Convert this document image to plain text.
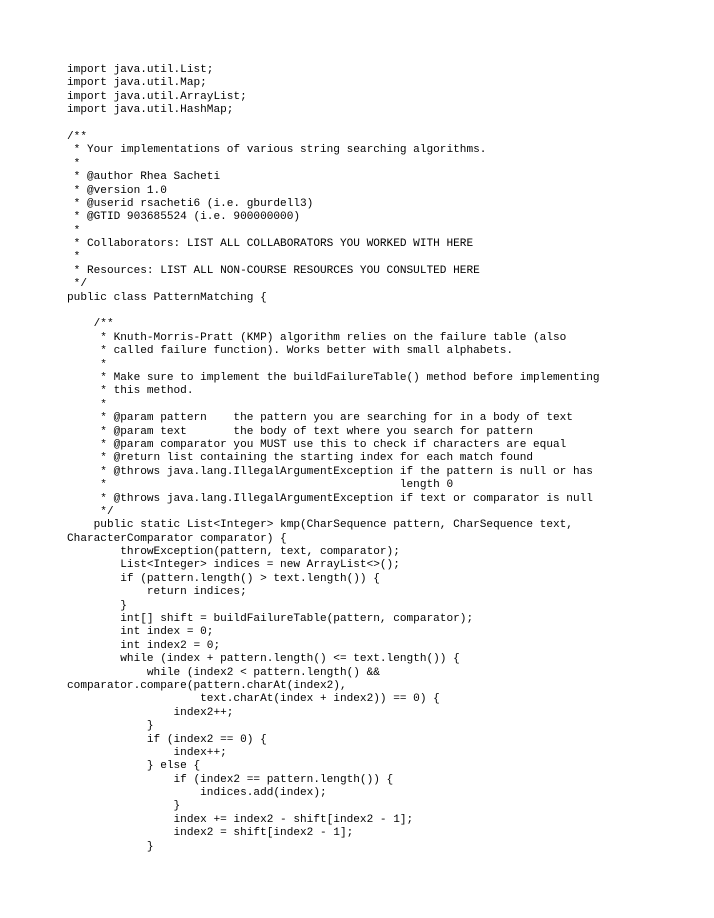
import java.util.List;
import java.util.Map;
import java.util.ArrayList;
import java.util.HashMap;
/**
* Your implementations of various string searching algorithms.
*
* @author Rhea Sacheti
* @version 1.0
* @userid rsacheti6 (i.e. gburdell3)
* @GTID 903685524 (i.e. 900000000)
*
* Collaborators: LIST ALL COLLABORATORS YOU WORKED WITH HERE
*
* Resources: LIST ALL NON-COURSE RESOURCES YOU CONSULTED HERE
*/
public class PatternMatching {
/**
* Knuth-Morris-Pratt (KMP) algorithm relies on the failure table (also
* called failure function). Works better with small alphabets.
*
* Make sure to implement the buildFailureTable() method before implementing
* this method.
*
* @param pattern    the pattern you are searching for in a body of text
* @param text       the body of text where you search for pattern
* @param comparator you MUST use this to check if characters are equal
* @return list containing the starting index for each match found
* @throws java.lang.IllegalArgumentException if the pattern is null or has
*                                            length 0
* @throws java.lang.IllegalArgumentException if text or comparator is null
*/
public static List<Integer> kmp(CharSequence pattern, CharSequence text,
CharacterComparator comparator) {
throwException(pattern, text, comparator);
List<Integer> indices = new ArrayList<>();
if (pattern.length() > text.length()) {
return indices;
}
int[] shift = buildFailureTable(pattern, comparator);
int index = 0;
int index2 = 0;
while (index + pattern.length() <= text.length()) {
while (index2 < pattern.length() &&
comparator.compare(pattern.charAt(index2),
text.charAt(index + index2)) == 0) {
index2++;
}
if (index2 == 0) {
index++;
} else {
if (index2 == pattern.length()) {
indices.add(index);
}
index += index2 - shift[index2 - 1];
index2 = shift[index2 - 1];
}
